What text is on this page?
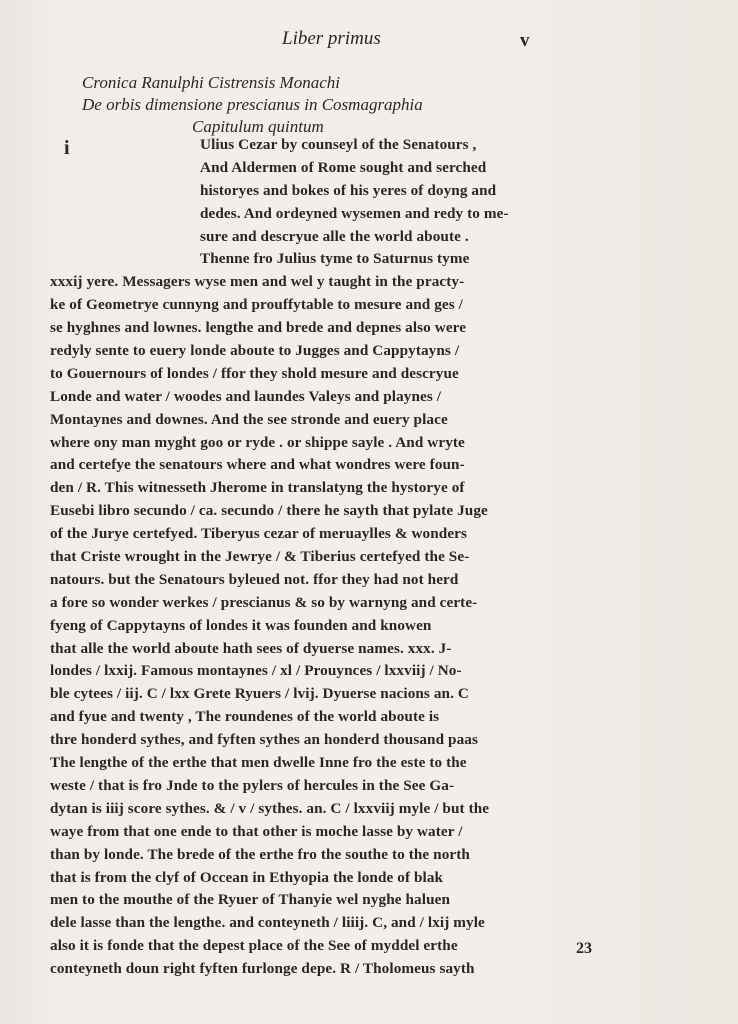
Liber primus	v
Cronica Ranulphi Cistrensis Monachi
De orbis dimensione prescianus in Cosmagraphia
Capitulum quintum
i	Ulius Cezar by counseyl of the Senatours ,
And Aldermen of Rome sought and serched
historyes and bokes of his yeres of doyng and
dedes. And ordeyned wysemen and redy to me-
sure and descryue alle the world aboute .
Thenne fro Julius tyme to Saturnus tyme
xxxij yere. Messagers wyse men and wel y taught in the practy-
ke of Geometrye cunnyng and prouffytable to mesure and ges /
se hyghnes and lownes. lengthe and brede and depnes also were
redyly sente to euery londe aboute to Jugges and Cappytayns /
to Gouernours of londes / ffor they shold mesure and descryue
Londe and water / woodes and laundes Valeys and playnes /
Montaynes and downes. And the see stronde and euery place
where ony man myght goo or ryde . or shippe sayle . And wryte
and certefye the senatours where and what wondres were foun-
den / R. This witnesseth Jherome in translatyng the hystorye of
Eusebi libro secundo / ca. secundo / there he sayth that pylate Juge
of the Jurye certefyed. Tiberyus cezar of meruaylles & wonders
that Criste wrought in the Jewrye / & Tiberius certefyed the Se-
natours. but the Senatours byleued not. ffor they had not herd
a fore so wonder werkes / prescianus & so by warnyng and certe-
fyeng of Cappytayns of londes it was founden and knowen
that alle the world aboute hath sees of dyuerse names. xxx. J-
londes / lxxij. Famous montaynes / xl / Prouynces / lxxviij / No-
ble cytees / iij. C / lxx Grete Ryuers / lvij. Dyuerse nacions an. C
and fyue and twenty , The roundenes of the world aboute is
thre honderd sythes, and fyften sythes an honderd thousand paas
The lengthe of the erthe that men dwelle Inne fro the este to the
weste / that is fro Jnde to the pylers of hercules in the See Ga-
dytan is iiij score sythes. & / v / sythes. an. C / lxxviij myle / but the
waye from that one ende to that other is moche lasse by water /
than by londe. The brede of the erthe fro the southe to the north
that is from the clyf of Occean in Ethyopia the londe of blak
men to the mouthe of the Ryuer of Thanyie wel nyghe haluen
dele lasse than the lengthe. and conteyneth / liiij. C, and / lxij myle
also it is fonde that the depest place of the See of myddel erthe
conteyneth doun right fyften furlonge depe. R / Tholomeus sayth
23
